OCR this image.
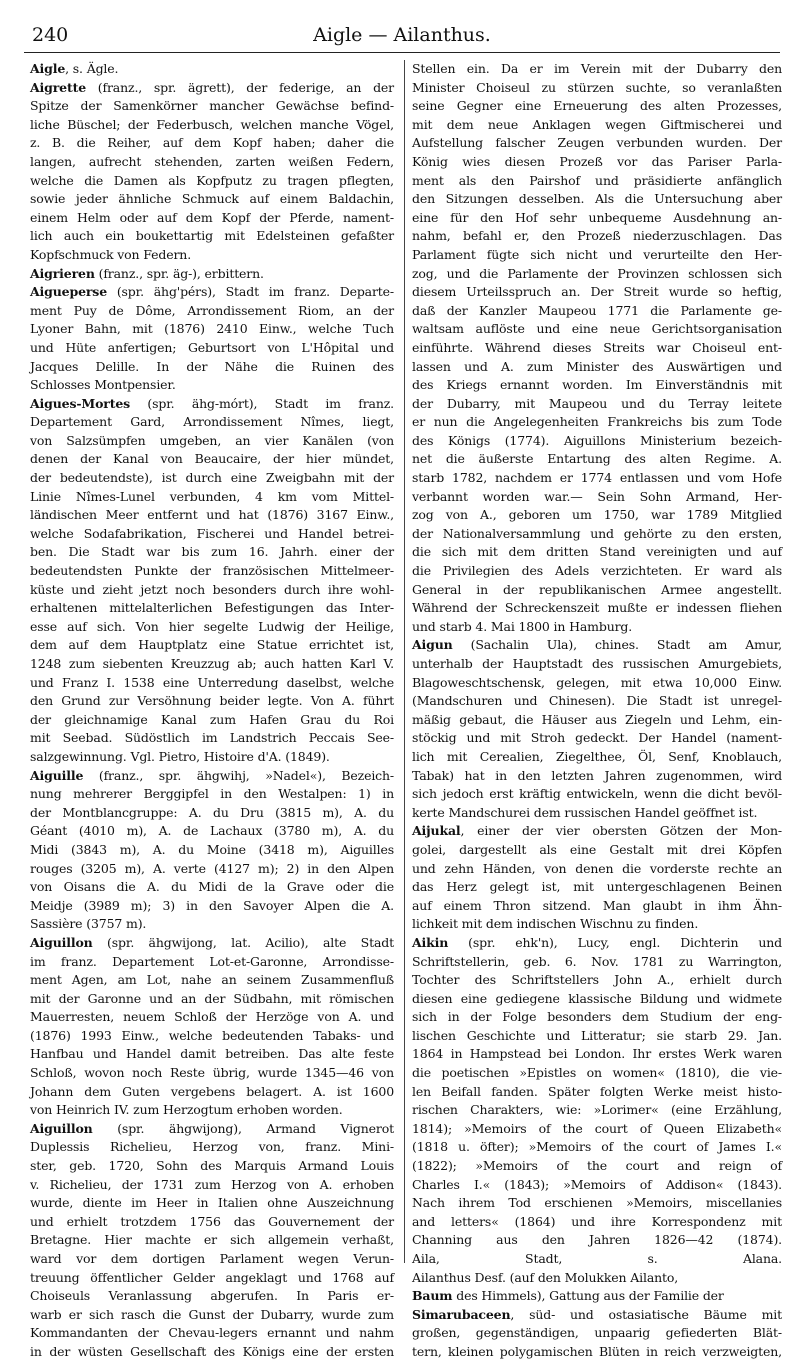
240	Aigle — Ailanthus.
Aigle, s. Ägle.
Aigrette (franz., spr. ägrett), der federige, an der
Spitze der Samenkörner mancher Gewächse befind-
liche Büschel; der Federbusch, welchen manche Vögel,
z. B. die Reiher, auf dem Kopf haben; daher die
langen, aufrecht stehenden, zarten weißen Federn,
welche die Damen als Kopfputz zu tragen pflegten,
sowie jeder ähnliche Schmuck auf einem Baldachin,
einem Helm oder auf dem Kopf der Pferde, nament-
lich auch ein boukettartig mit Edelsteinen gefaßter
Kopfschmuck von Federn.
Aigrieren (franz., spr. äg-), erbittern.
Aigueperse (spr. ähg'pérs), Stadt im franz. Departe-
ment Puy de Dôme, Arrondissement Riom, an der
Lyoner Bahn, mit (1876) 2410 Einw., welche Tuch
und Hüte anfertigen; Geburtsort von L'Hôpital und
Jacques Delille. In der Nähe die Ruinen des
Schlosses Montpensier.
Aigues-Mortes (spr. ähg-mórt), Stadt im franz.
Departement Gard, Arrondissement Nîmes, liegt,
von Salzsümpfen umgeben, an vier Kanälen (von
denen der Kanal von Beaucaire, der hier mündet,
der bedeutendste), ist durch eine Zweigbahn mit der
Linie Nîmes-Lunel verbunden, 4 km vom Mittel-
ländischen Meer entfernt und hat (1876) 3167 Einw.,
welche Sodafabrikation, Fischerei und Handel betrei-
ben. Die Stadt war bis zum 16. Jahrh. einer der
bedeutendsten Punkte der französischen Mittelmeer-
küste und zieht jetzt noch besonders durch ihre wohl-
erhaltenen mittelalterlichen Befestigungen das Inter-
esse auf sich. Von hier segelte Ludwig der Heilige,
dem auf dem Hauptplatz eine Statue errichtet ist,
1248 zum siebenten Kreuzzug ab; auch hatten Karl V.
und Franz I. 1538 eine Unterredung daselbst, welche
den Grund zur Versöhnung beider legte. Von A. führt
der gleichnamige Kanal zum Hafen Grau du Roi
mit Seebad. Südöstlich im Landstrich Peccais See-
salzgewinnung. Vgl. Pietro, Histoire d'A. (1849).
Aiguille (franz., spr. ähgwihj, »Nadel«), Bezeich-
nung mehrerer Berggipfel in den Westalpen: 1) in
der Montblancgruppe: A. du Dru (3815 m), A. du
Géant (4010 m), A. de Lachaux (3780 m), A. du
Midi (3843 m), A. du Moine (3418 m), Aiguilles
rouges (3205 m), A. verte (4127 m); 2) in den Alpen
von Oisans die A. du Midi de la Grave oder die
Meidje (3989 m); 3) in den Savoyer Alpen die A.
Sassière (3757 m).
Aiguillon (spr. ähgwijong, lat. Acilio), alte Stadt
im franz. Departement Lot-et-Garonne, Arrondisse-
ment Agen, am Lot, nahe an seinem Zusammenfluß
mit der Garonne und an der Südbahn, mit römischen
Mauerresten, neuem Schloß der Herzöge von A. und
(1876) 1993 Einw., welche bedeutenden Tabaks- und
Hanfbau und Handel damit betreiben. Das alte feste
Schloß, wovon noch Reste übrig, wurde 1345—46 von
Johann dem Guten vergebens belagert. A. ist 1600
von Heinrich IV. zum Herzogtum erhoben worden.
Aiguillon (spr. ähgwijong), Armand Vignerot
Duplessis Richelieu, Herzog von, franz. Mini-
ster, geb. 1720, Sohn des Marquis Armand Louis
v. Richelieu, der 1731 zum Herzog von A. erhoben
wurde, diente im Heer in Italien ohne Auszeichnung
und erhielt trotzdem 1756 das Gouvernement der
Bretagne. Hier machte er sich allgemein verhaßt,
ward vor dem dortigen Parlament wegen Verun-
treuung öffentlicher Gelder angeklagt und 1768 auf
Choiseuls Veranlassung abgerufen. In Paris er-
warb er sich rasch die Gunst der Dubarry, wurde zum
Kommandanten der Chevau-legers ernannt und nahm
in der wüsten Gesellschaft des Königs eine der ersten
Stellen ein. Da er im Verein mit der Dubarry den
Minister Choiseul zu stürzen suchte, so veranlaßten
seine Gegner eine Erneuerung des alten Prozesses,
mit dem neue Anklagen wegen Giftmischerei und
Aufstellung falscher Zeugen verbunden wurden. Der
König wies diesen Prozeß vor das Pariser Parla-
ment als den Pairshof und präsidierte anfänglich
den Sitzungen desselben. Als die Untersuchung aber
eine für den Hof sehr unbequeme Ausdehnung an-
nahm, befahl er, den Prozeß niederzuschlagen. Das
Parlament fügte sich nicht und verurteilte den Her-
zog, und die Parlamente der Provinzen schlossen sich
diesem Urteilsspruch an. Der Streit wurde so heftig,
daß der Kanzler Maupeou 1771 die Parlamente ge-
waltsam auflöste und eine neue Gerichtsorganisation
einführte. Während dieses Streits war Choiseul ent-
lassen und A. zum Minister des Auswärtigen und
des Kriegs ernannt worden. Im Einverständnis mit
der Dubarry, mit Maupeou und du Terray leitete
er nun die Angelegenheiten Frankreichs bis zum Tode
des Königs (1774). Aiguillons Ministerium bezeich-
net die äußerste Entartung des alten Regime. A.
starb 1782, nachdem er 1774 entlassen und vom Hofe
verbannt worden war.— Sein Sohn Armand, Her-
zog von A., geboren um 1750, war 1789 Mitglied
der Nationalversammlung und gehörte zu den ersten,
die sich mit dem dritten Stand vereinigten und auf
die Privilegien des Adels verzichteten. Er ward als
General in der republikanischen Armee angestellt.
Während der Schreckenszeit mußte er indessen fliehen
und starb 4. Mai 1800 in Hamburg.
Aigun (Sachalin Ula), chines. Stadt am Amur,
unterhalb der Hauptstadt des russischen Amurgebiets,
Blagoweschtschensk, gelegen, mit etwa 10,000 Einw.
(Mandschuren und Chinesen). Die Stadt ist unregel-
mäßig gebaut, die Häuser aus Ziegeln und Lehm, ein-
stöckig und mit Stroh gedeckt. Der Handel (nament-
lich mit Cerealien, Ziegelthee, Öl, Senf, Knoblauch,
Tabak) hat in den letzten Jahren zugenommen, wird
sich jedoch erst kräftig entwickeln, wenn die dicht bevöl-
kerte Mandschurei dem russischen Handel geöffnet ist.
Aijukal, einer der vier obersten Götzen der Mon-
golei, dargestellt als eine Gestalt mit drei Köpfen
und zehn Händen, von denen die vorderste rechte an
das Herz gelegt ist, mit untergeschlagenen Beinen
auf einem Thron sitzend. Man glaubt in ihm Ähn-
lichkeit mit dem indischen Wischnu zu finden.
Aikin (spr. ehk'n), Lucy, engl. Dichterin und
Schriftstellerin, geb. 6. Nov. 1781 zu Warrington,
Tochter des Schriftstellers John A., erhielt durch
diesen eine gediegene klassische Bildung und widmete
sich in der Folge besonders dem Studium der eng-
lischen Geschichte und Litteratur; sie starb 29. Jan.
1864 in Hampstead bei London. Ihr erstes Werk waren
die poetischen »Epistles on women« (1810), die vie-
len Beifall fanden. Später folgten Werke meist histo-
rischen Charakters, wie: »Lorimer« (eine Erzählung,
1814); »Memoirs of the court of Queen Elizabeth«
(1818 u. öfter); »Memoirs of the court of James I.«
(1822); »Memoirs of the court and reign of
Charles I.« (1843); »Memoirs of Addison« (1843).
Nach ihrem Tod erschienen »Memoirs, miscellanies
and letters« (1864) und ihre Korrespondenz mit
Channing aus den Jahren 1826—42 (1874).
Aila, Stadt, s. Alana.
Ailanthus Desf. (auf den Molukken Ailanto,
Baum des Himmels), Gattung aus der Familie der
Simarubaceen, süd- und ostasiatische Bäume mit
großen, gegenständigen, unpaarig gefiederten Blät-
tern, kleinen polygamischen Blüten in reich verzweigten,
